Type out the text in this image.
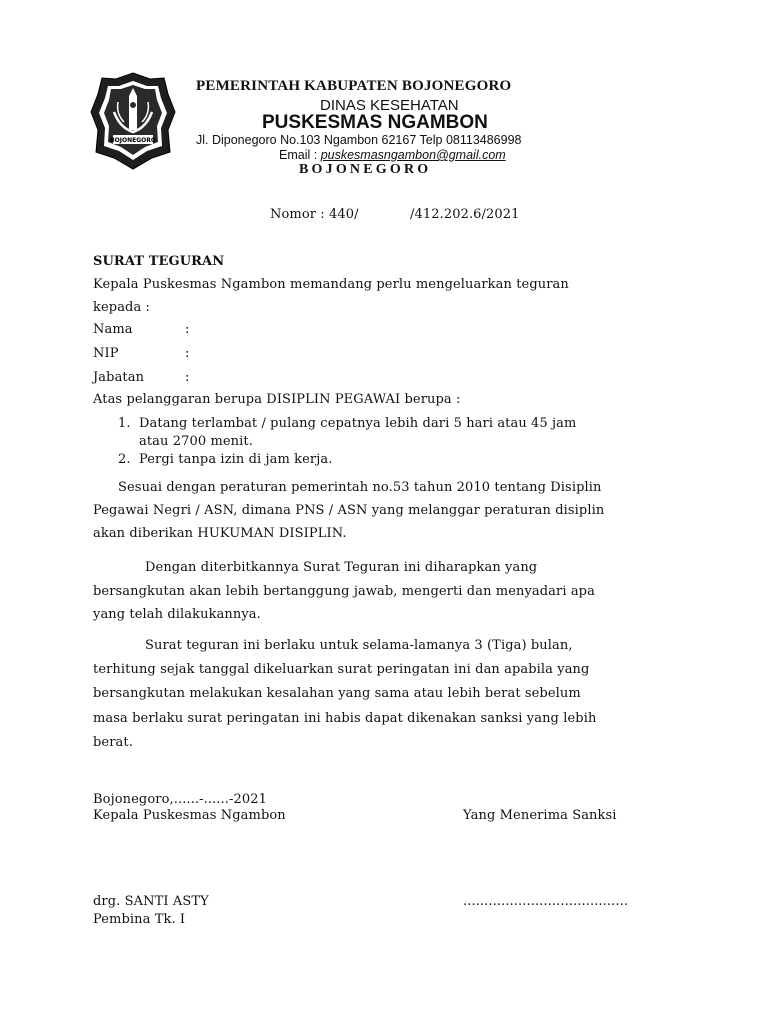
BOJONEGORO
PEMERINTAH KABUPATEN BOJONEGORO
DINAS KESEHATAN
PUSKESMAS NGAMBON
Jl. Diponegoro No.103 Ngambon 62167 Telp 08113486998
Email : puskesmasngambon@gmail.com
BOJONEGORO
Nomor : 440/	/412.202.6/2021
SURAT TEGURAN
Kepala Puskesmas Ngambon memandang perlu mengeluarkan teguran
kepada :
Nama	:
NIP	:
Jabatan	:
Atas pelanggaran berupa DISIPLIN PEGAWAI berupa :
1. Datang terlambat / pulang cepatnya lebih dari 5 hari atau 45 jam
atau 2700 menit.
2. Pergi tanpa izin di jam kerja.
Sesuai dengan peraturan pemerintah no.53 tahun 2010 tentang Disiplin
Pegawai Negri / ASN, dimana PNS / ASN yang melanggar peraturan disiplin
akan diberikan HUKUMAN DISIPLIN.
Dengan diterbitkannya Surat Teguran ini diharapkan yang
bersangkutan akan lebih bertanggung jawab, mengerti dan menyadari apa
yang telah dilakukannya.
Surat teguran ini berlaku untuk selama-lamanya 3 (Tiga) bulan,
terhitung sejak tanggal dikeluarkan surat peringatan ini dan apabila yang
bersangkutan melakukan kesalahan yang sama atau lebih berat sebelum
masa berlaku surat peringatan ini habis dapat dikenakan sanksi yang lebih
berat.
Bojonegoro,......-......-2021
Kepala Puskesmas Ngambon	Yang Menerima Sanksi
drg. SANTI ASTY	.......................................
Pembina Tk. I
